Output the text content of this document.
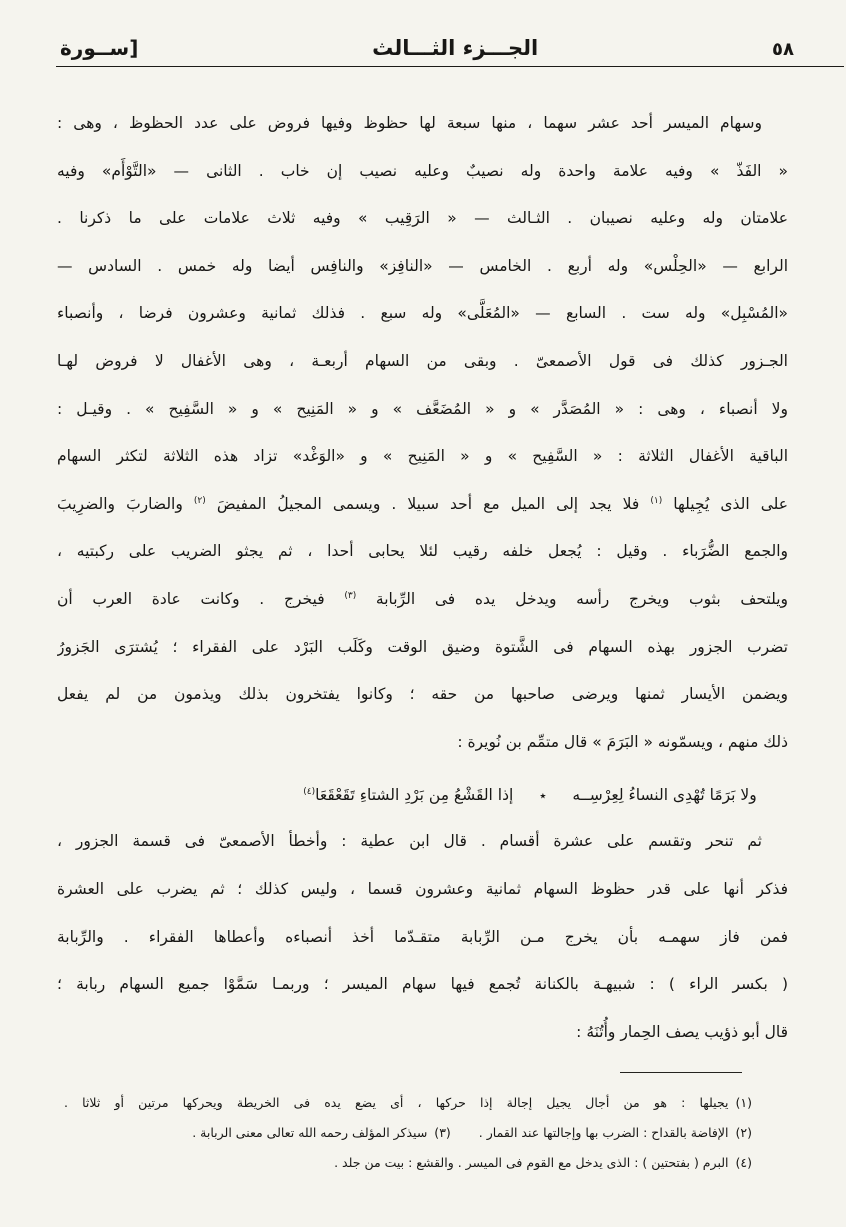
٥٨
الجـــزء الثـــالث
[ســورة
وسهام الميسر أحد عشر سهما ، منها سبعة لها حظوظ وفيها فروض على عدد الحظوظ ، وهى :
« الفَذّ » وفيه علامة واحدة وله نصيبٌ وعليه نصيب إن خاب . الثانى — «التَّوْأَم» وفيه
علامتان وله وعليه نصيبان . الثـالث — « الرَقِيب » وفيه ثلاث علامات على ما ذكرنا .
الرابع — «الحِلْس» وله أربع . الخامس — «النافِز» والنافِس أيضا وله خمس . السادس —
«المُسْبِل» وله ست . السابع — «المُعَلَّى» وله سبع . فذلك ثمانية وعشرون فرضا ، وأنصباء
الجـزور كذلك فى قول الأصمعىّ . وبقى من السهام أربعـة ، وهى الأغفال لا فروض لهـا
ولا أنصباء ، وهى : « المُصَدَّر » و « المُضَعَّف » و « المَنِيح » و « السَّفِيح » . وقيـل :
الباقية الأغفال الثلاثة : « السَّفِيح » و « المَنِيح » و «الوَغْد» تزاد هذه الثلاثة لتكثر السهام
على الذى يُجِيلها $^{(١)}$ فلا يجد إلى الميل مع أحد سبيلا . ويسمى المجيلُ المفيضَ $^{(٢)}$ والضاربَ والضرِيبَ
والجمع الضُّرَباء . وقيل : يُجعل خلفه رقيب لئلا يحابى أحدا ، ثم يجثو الضريب على ركبتيه ،
ويلتحف بثوب ويخرج رأسه ويدخل يده فى الرِّبابة $^{(٣)}$ فيخرج . وكانت عادة العرب أن
تضرب الجزور بهذه السهام فى الشَّتوة وضيق الوقت وكَلَب البَرْد على الفقراء ؛ يُشترَى الجَزورُ
ويضمن الأيسار ثمنها ويرضى صاحبها من حقه ؛ وكانوا يفتخرون بذلك ويذمون من لم يفعل
ذلك منهم ، ويسمّونه « البَرَمَ » قال متمِّم بن نُويرة :
ولا بَرَمًا تُهْدِى النساءُ لِعِرْسِــه٭إذا القَشْعُ مِن بَرْدِ الشتاءِ تَقَعْقَعَا$^{(٤)}$
ثم تنحر وتقسم على عشرة أقسام . قال ابن عطية : وأخطأ الأصمعىّ فى قسمة الجزور ،
فذكر أنها على قدر حظوظ السهام ثمانية وعشرون قسما ، وليس كذلك ؛ ثم يضرب على العشرة
فمن فاز سهمـه بأن يخرج مـن الرِّبابة متقـدّما أخذ أنصباءه وأعطاها الفقراء . والرِّبابة
( بكسر الراء ) : شبيهـة بالكنانة تُجمع فيها سهام الميسر ؛ وربمـا سَمَّوْا جميع السهام ربابة ؛
قال أبو ذؤيب يصف الحِمار وأُتُنَهُ :
(١)يجيلها : هو من أجال يجيل إجالة إذا حركها ، أى يضع يده فى الخريطة ويحركها مرتين أو ثلاثا .
(٢)الإفاضة بالقداح : الضرب بها وإجالتها عند القمار .(٣)سيذكر المؤلف رحمه الله تعالى معنى الربابة .
(٤)البرم ( بفتحتين ) : الذى يدخل مع القوم فى الميسر . والقشع : بيت من جلد .
